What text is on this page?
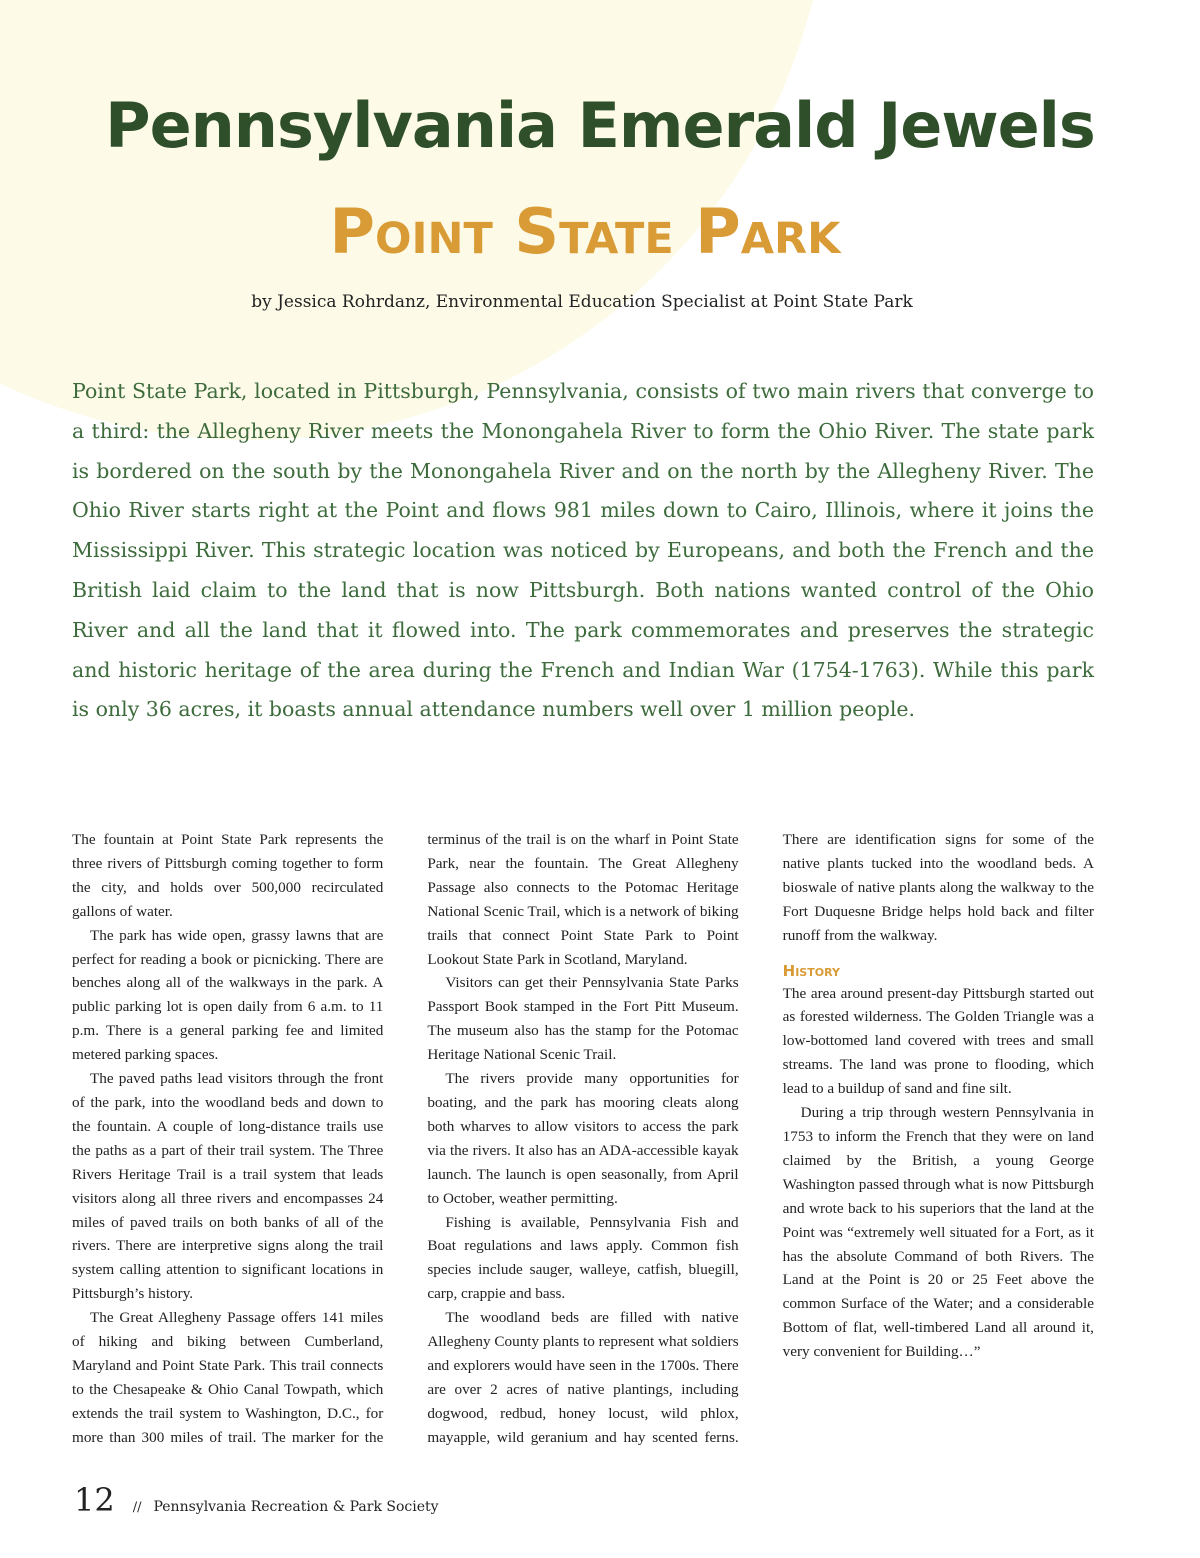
Pennsylvania Emerald Jewels
Point State Park
by Jessica Rohrdanz, Environmental Education Specialist at Point State Park

Point State Park, located in Pittsburgh, Pennsylvania, consists of two main rivers that converge to a third: the Allegheny River meets the Monongahela River to form the Ohio River. The state park is bordered on the south by the Monongahela River and on the north by the Allegheny River. The Ohio River starts right at the Point and flows 981 miles down to Cairo, Illinois, where it joins the Mississippi River. This strategic location was noticed by Europeans, and both the French and the British laid claim to the land that is now Pittsburgh. Both nations wanted control of the Ohio River and all the land that it flowed into. The park commemorates and preserves the strategic and historic heritage of the area during the French and Indian War (1754-1763). While this park is only 36 acres, it boasts annual attendance numbers well over 1 million people.

The fountain at Point State Park represents the three rivers of Pittsburgh coming together to form the city, and holds over 500,000 recirculated gallons of water.

The park has wide open, grassy lawns that are perfect for reading a book or picnicking. There are benches along all of the walkways in the park. A public parking lot is open daily from 6 a.m. to 11 p.m. There is a general parking fee and limited metered parking spaces.

The paved paths lead visitors through the front of the park, into the woodland beds and down to the fountain. A couple of long-distance trails use the paths as a part of their trail system. The Three Rivers Heritage Trail is a trail system that leads visitors along all three rivers and encompasses 24 miles of paved trails on both banks of all of the rivers. There are interpretive signs along the trail system calling attention to significant locations in Pittsburgh’s history.

The Great Allegheny Passage offers 141 miles of hiking and biking between Cumberland, Maryland and Point State Park. This trail connects to the Chesapeake & Ohio Canal Towpath, which extends the trail system to Washington, D.C., for more than 300 miles of trail. The marker for the terminus of the trail is on the wharf in Point State Park, near the fountain. The Great Allegheny Passage also connects to the Potomac Heritage National Scenic Trail, which is a network of biking trails that connect Point State Park to Point Lookout State Park in Scotland, Maryland.

Visitors can get their Pennsylvania State Parks Passport Book stamped in the Fort Pitt Museum. The museum also has the stamp for the Potomac Heritage National Scenic Trail.

The rivers provide many opportunities for boating, and the park has mooring cleats along both wharves to allow visitors to access the park via the rivers. It also has an ADA-accessible kayak launch. The launch is open seasonally, from April to October, weather permitting.

Fishing is available, Pennsylvania Fish and Boat regulations and laws apply. Common fish species include sauger, walleye, catfish, bluegill, carp, crappie and bass.

The woodland beds are filled with native Allegheny County plants to represent what soldiers and explorers would have seen in the 1700s. There are over 2 acres of native plantings, including dogwood, redbud, honey locust, wild phlox, mayapple, wild geranium and hay scented ferns. There are identification signs for some of the native plants tucked into the woodland beds. A bioswale of native plants along the walkway to the Fort Duquesne Bridge helps hold back and filter runoff from the walkway.

History

The area around present-day Pittsburgh started out as forested wilderness. The Golden Triangle was a low-bottomed land covered with trees and small streams. The land was prone to flooding, which lead to a buildup of sand and fine silt.

During a trip through western Pennsylvania in 1753 to inform the French that they were on land claimed by the British, a young George Washington passed through what is now Pittsburgh and wrote back to his superiors that the land at the Point was “extremely well situated for a Fort, as it has the absolute Command of both Rivers. The Land at the Point is 20 or 25 Feet above the common Surface of the Water; and a considerable Bottom of flat, well-timbered Land all around it, very convenient for Building…”

12 // Pennsylvania Recreation & Park Society
